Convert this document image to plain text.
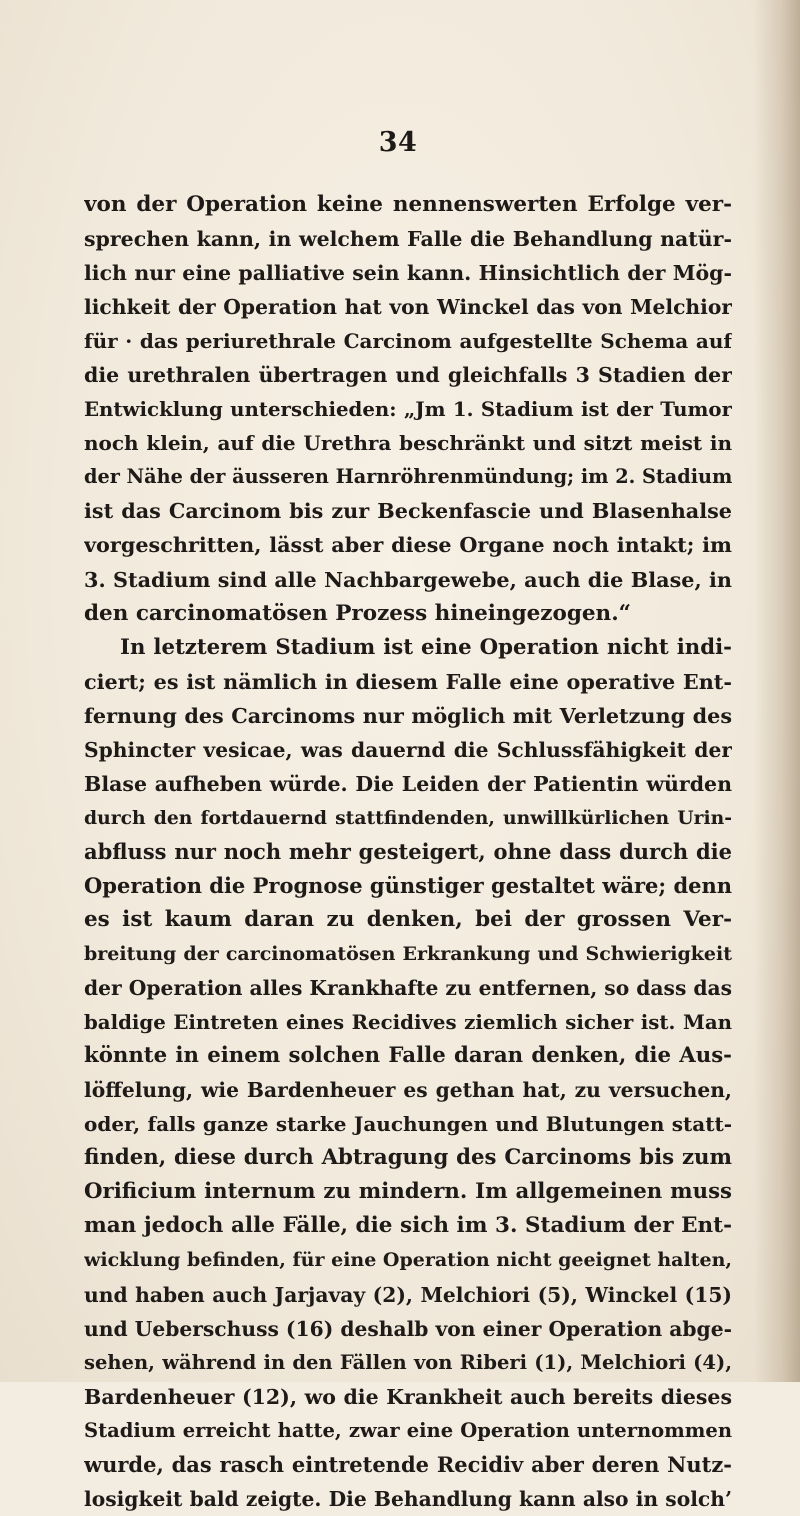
34
von der Operation keine nennenswerten Erfolge ver-
sprechen kann, in welchem Falle die Behandlung natür-
lich nur eine palliative sein kann. Hinsichtlich der Mög-
lichkeit der Operation hat von Winckel das von Melchior
für · das periurethrale Carcinom aufgestellte Schema auf
die urethralen übertragen und gleichfalls 3 Stadien der
Entwicklung unterschieden: „Jm 1. Stadium ist der Tumor
noch klein, auf die Urethra beschränkt und sitzt meist in
der Nähe der äusseren Harnröhrenmündung; im 2. Stadium
ist das Carcinom bis zur Beckenfascie und Blasenhalse
vorgeschritten, lässt aber diese Organe noch intakt; im
3. Stadium sind alle Nachbargewebe, auch die Blase, in
den carcinomatösen Prozess hineingezogen.“
In letzterem Stadium ist eine Operation nicht indi-
ciert; es ist nämlich in diesem Falle eine operative Ent-
fernung des Carcinoms nur möglich mit Verletzung des
Sphincter vesicae, was dauernd die Schlussfähigkeit der
Blase aufheben würde. Die Leiden der Patientin würden
durch den fortdauernd stattfindenden, unwillkürlichen Urin-
abfluss nur noch mehr gesteigert, ohne dass durch die
Operation die Prognose günstiger gestaltet wäre; denn
es ist kaum daran zu denken, bei der grossen Ver-
breitung der carcinomatösen Erkrankung und Schwierigkeit
der Operation alles Krankhafte zu entfernen, so dass das
baldige Eintreten eines Recidives ziemlich sicher ist. Man
könnte in einem solchen Falle daran denken, die Aus-
löffelung, wie Bardenheuer es gethan hat, zu versuchen,
oder, falls ganze starke Jauchungen und Blutungen statt-
finden, diese durch Abtragung des Carcinoms bis zum
Orificium internum zu mindern. Im allgemeinen muss
man jedoch alle Fälle, die sich im 3. Stadium der Ent-
wicklung befinden, für eine Operation nicht geeignet halten,
und haben auch Jarjavay (2), Melchiori (5), Winckel (15)
und Ueberschuss (16) deshalb von einer Operation abge-
sehen, während in den Fällen von Riberi (1), Melchiori (4),
Bardenheuer (12), wo die Krankheit auch bereits dieses
Stadium erreicht hatte, zwar eine Operation unternommen
wurde, das rasch eintretende Recidiv aber deren Nutz-
losigkeit bald zeigte. Die Behandlung kann also in solch’
